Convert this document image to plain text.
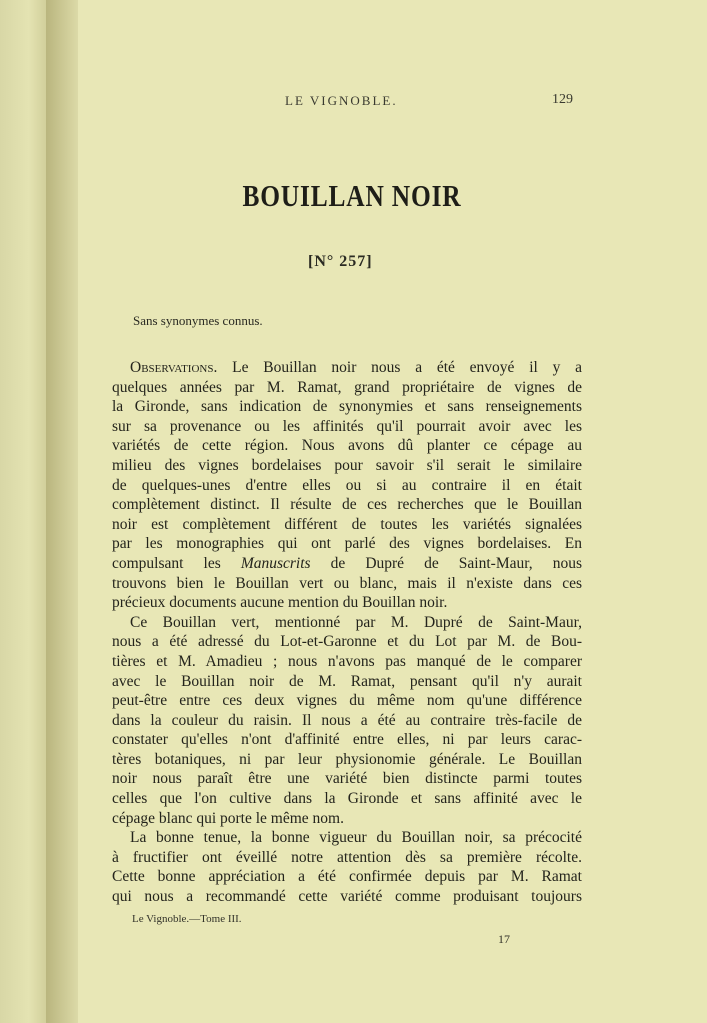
LE VIGNOBLE.	129
BOUILLAN NOIR
[N° 257]
Sans synonymes connus.
Observations. Le Bouillan noir nous a été envoyé il y a
quelques années par M. Ramat, grand propriétaire de vignes de
la Gironde, sans indication de synonymies et sans renseignements
sur sa provenance ou les affinités qu'il pourrait avoir avec les
variétés de cette région. Nous avons dû planter ce cépage au
milieu des vignes bordelaises pour savoir s'il serait le similaire
de quelques-unes d'entre elles ou si au contraire il en était
complètement distinct. Il résulte de ces recherches que le Bouillan
noir est complètement différent de toutes les variétés signalées
par les monographies qui ont parlé des vignes bordelaises. En
compulsant les Manuscrits de Dupré de Saint-Maur, nous
trouvons bien le Bouillan vert ou blanc, mais il n'existe dans ces
précieux documents aucune mention du Bouillan noir.
Ce Bouillan vert, mentionné par M. Dupré de Saint-Maur,
nous a été adressé du Lot-et-Garonne et du Lot par M. de Bou-
tières et M. Amadieu ; nous n'avons pas manqué de le comparer
avec le Bouillan noir de M. Ramat, pensant qu'il n'y aurait
peut-être entre ces deux vignes du même nom qu'une différence
dans la couleur du raisin. Il nous a été au contraire très-facile de
constater qu'elles n'ont d'affinité entre elles, ni par leurs carac-
tères botaniques, ni par leur physionomie générale. Le Bouillan
noir nous paraît être une variété bien distincte parmi toutes
celles que l'on cultive dans la Gironde et sans affinité avec le
cépage blanc qui porte le même nom.
La bonne tenue, la bonne vigueur du Bouillan noir, sa précocité
à fructifier ont éveillé notre attention dès sa première récolte.
Cette bonne appréciation a été confirmée depuis par M. Ramat
qui nous a recommandé cette variété comme produisant toujours
Le Vignoble.—Tome III.
17
